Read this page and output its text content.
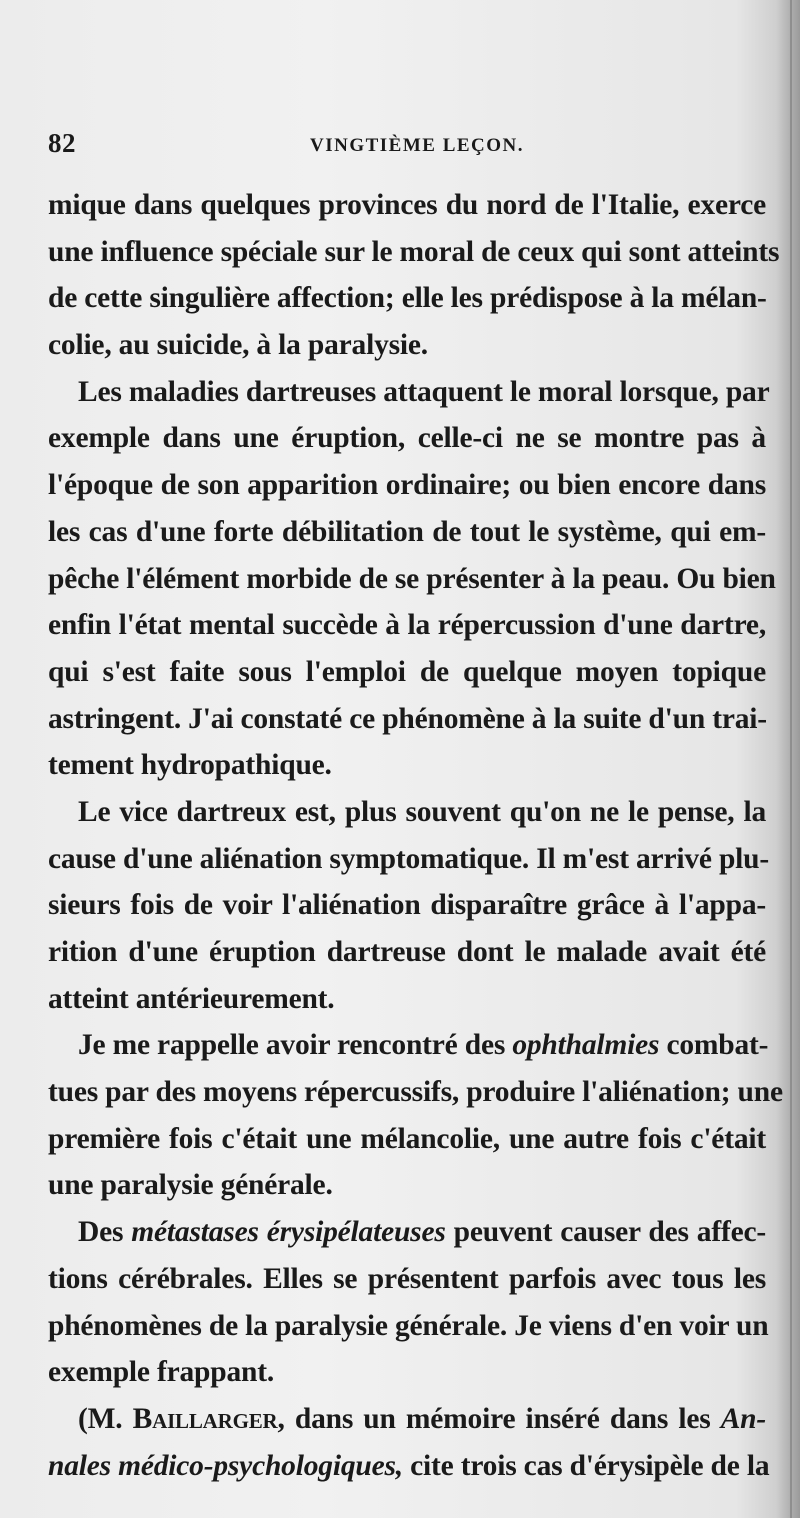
82	VINGTIÈME LEÇON.
mique dans quelques provinces du nord de l'Italie, exerce
une influence spéciale sur le moral de ceux qui sont atteints
de cette singulière affection; elle les prédispose à la mélan-
colie, au suicide, à la paralysie.
Les maladies dartreuses attaquent le moral lorsque, par
exemple dans une éruption, celle-ci ne se montre pas à
l'époque de son apparition ordinaire; ou bien encore dans
les cas d'une forte débilitation de tout le système, qui em-
pêche l'élément morbide de se présenter à la peau. Ou bien
enfin l'état mental succède à la répercussion d'une dartre,
qui s'est faite sous l'emploi de quelque moyen topique
astringent. J'ai constaté ce phénomène à la suite d'un trai-
tement hydropathique.
Le vice dartreux est, plus souvent qu'on ne le pense, la
cause d'une aliénation symptomatique. Il m'est arrivé plu-
sieurs fois de voir l'aliénation disparaître grâce à l'appa-
rition d'une éruption dartreuse dont le malade avait été
atteint antérieurement.
Je me rappelle avoir rencontré des ophthalmies combat-
tues par des moyens répercussifs, produire l'aliénation; une
première fois c'était une mélancolie, une autre fois c'était
une paralysie générale.
Des métastases érysipélateuses peuvent causer des affec-
tions cérébrales. Elles se présentent parfois avec tous les
phénomènes de la paralysie générale. Je viens d'en voir un
exemple frappant.
(M. Baillarger, dans un mémoire inséré dans les An-
nales médico-psychologiques, cite trois cas d'érysipèle de la
